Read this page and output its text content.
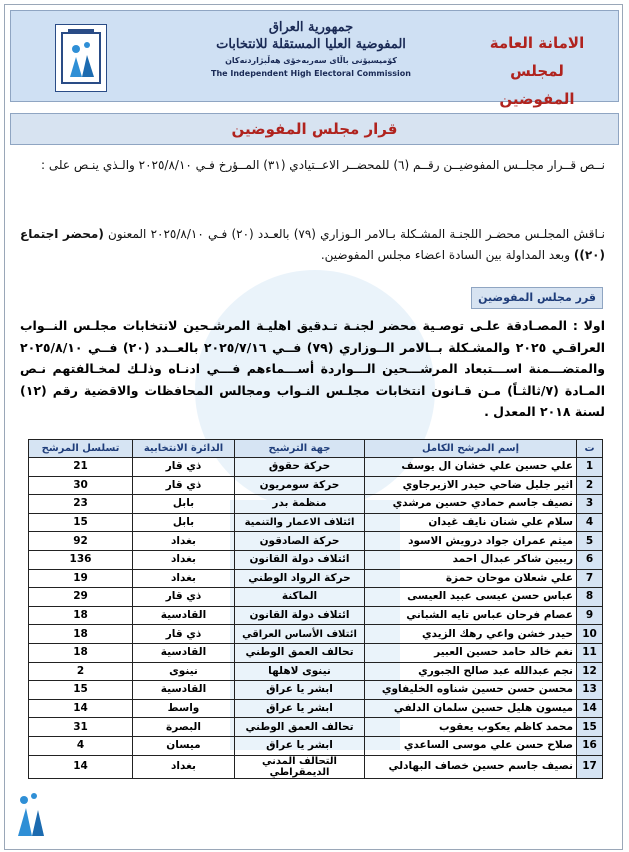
الامانة العامة
لمجلس المفوضين
جمهورية العراق
المفوضية العليا المستقلة للانتخابات
كۆمیسیۆنی باڵای سەربەخۆی هەڵبژاردنەکان
The Independent High Electoral Commission
قرار مجلس المفوضين
نــص قــرار مجلــس المفوضيــن رقــم (٦) للمحضــر الاعــتيادي (٣١) المــؤرخ فـي ٢٠٢٥/٨/١٠ والـذي ينـص على :
نـاقش المجلـس محضـر اللجنـة المشـكلة بـالامر الـوزاري (٧٩) بالعـدد (٢٠) فـي ٢٠٢٥/٨/١٠ المعنون (محضر اجتماع (٢٠)) وبعد المداولة بين السادة اعضاء مجلس المفوضين.
قرر مجلس المفوضين
اولا : المصـادقة علـى توصـية محضر لجنـة تـدقيق اهليـة المرشـحين لانتخابات مجلـس النــواب العراقـي ٢٠٢٥ والمشـكلة بــالامر الــوزاري (٧٩) فــي ٢٠٢٥/٧/١٦ بالعــدد (٢٠) فــي ٢٠٢٥/٨/١٠ والمتضـــمنة اســـتبعاد المرشـــحين الـــواردة أســـماءهم فـــي ادنـاه وذلـك لمخـالفتهم نـص المـادة (٧/ثالثـاً) مـن قـانون انتخابات مجلـس النـواب ومجالس المحافظات والاقضية رقم (١٢) لسنة ٢٠١٨ المعدل .
ت	إسم المرشح الكامل	جهة الترشيح	الدائرة الانتخابية	تسلسل المرشح
1	علي حسين علي خشان ال يوسف	حركة حقوق	ذي قار	21
2	اثير جليل ضاحي حيدر الازيرجاوي	حركة سومريون	ذي قار	30
3	نصيف جاسم حمادي حسين مرشدي	منظمة بدر	بابل	23
4	سلام علي شنان نايف غيدان	ائتلاف الاعمار والتنمية	بابل	15
5	ميثم عمران جواد درويش الاسود	حركة الصادقون	بغداد	92
6	ريبين شاكر عبدال احمد	ائتلاف دولة القانون	بغداد	136
7	علي شعلان موحان حمزة	حركة الرواد الوطني	بغداد	19
8	عباس حسن عيسى عبيد العيسى	الماكنة	ذي قار	29
9	عصام فرحان عباس تايه الشباني	ائتلاف دولة القانون	القادسية	18
10	حيدر خشن واعي رهك الزيدي	ائتلاف الأساس العراقي	ذي قار	18
11	نغم خالد حامد حسين العبير	تحالف العمق الوطني	القادسية	18
12	نجم عبدالله عبد صالح الجبوري	نينوى لاهلها	نينوى	2
13	محسن حسن حسين شناوه الخليفاوي	ابشر يا عراق	القادسية	15
14	ميسون هليل حسين سلمان الدلفي	ابشر يا عراق	واسط	14
15	محمد كاظم يعكوب يعقوب	تحالف العمق الوطني	البصرة	31
16	صلاح حسن علي موسى الساعدي	ابشر يا عراق	ميسان	4
17	نصيف جاسم حسين خصاف البهادلي	التحالف المدني الديمقراطي	بغداد	14
